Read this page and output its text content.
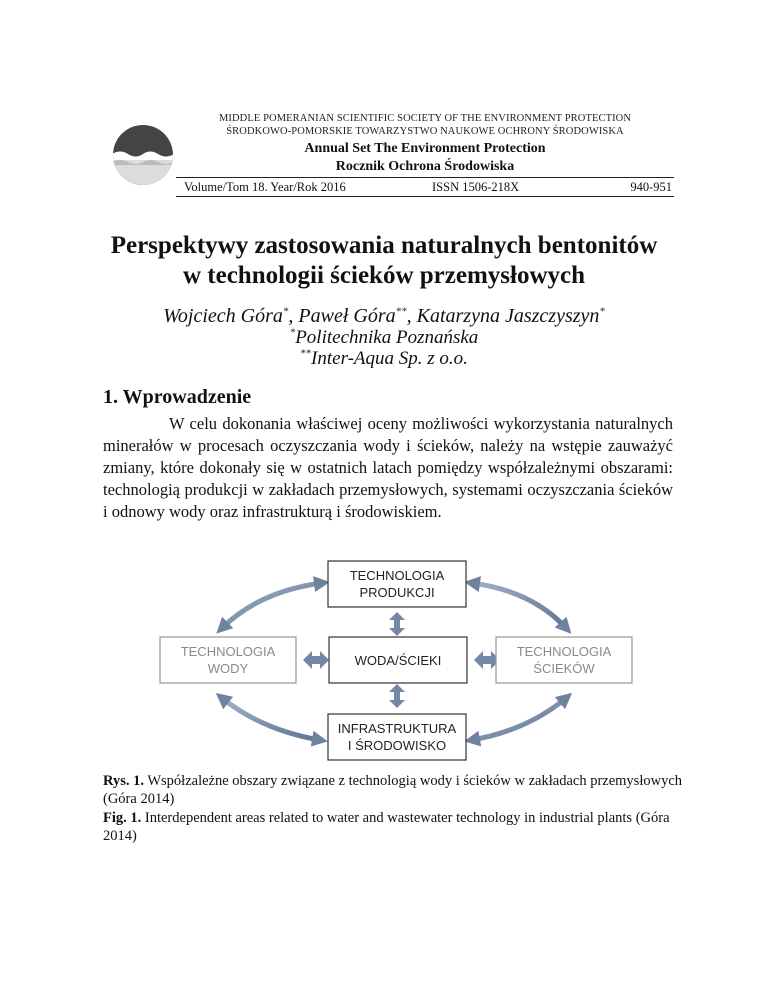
MIDDLE POMERANIAN SCIENTIFIC SOCIETY OF THE ENVIRONMENT PROTECTION
ŚRODKOWO-POMORSKIE TOWARZYSTWO NAUKOWE OCHRONY ŚRODOWISKA
Annual Set The Environment Protection
Rocznik Ochrona Środowiska
Volume/Tom 18. Year/Rok 2016	ISSN 1506-218X	940-951
Perspektywy zastosowania naturalnych bentonitów
w technologii ścieków przemysłowych
Wojciech Góra*, Paweł Góra**, Katarzyna Jaszczyszyn*
*Politechnika Poznańska
**Inter-Aqua Sp. z o.o.
1. Wprowadzenie

W celu dokonania właściwej oceny możliwości wykorzystania naturalnych minerałów w procesach oczyszczania wody i ścieków, należy na wstępie zauważyć zmiany, które dokonały się w ostatnich latach pomiędzy współzależnymi obszarami: technologią produkcji w zakładach przemysłowych, systemami oczyszczania ścieków i odnowy wody oraz infrastrukturą i środowiskiem.

TECHNOLOGIA
PRODUKCJI
TECHNOLOGIA
WODY
WODA/ŚCIEKI
TECHNOLOGIA
ŚCIEKÓW
INFRASTRUKTURA
I ŚRODOWISKO
Rys. 1. Współzależne obszary związane z technologią wody i ścieków w zakładach przemysłowych (Góra 2014)
Fig. 1. Interdependent areas related to water and wastewater technology in industrial plants (Góra 2014)
